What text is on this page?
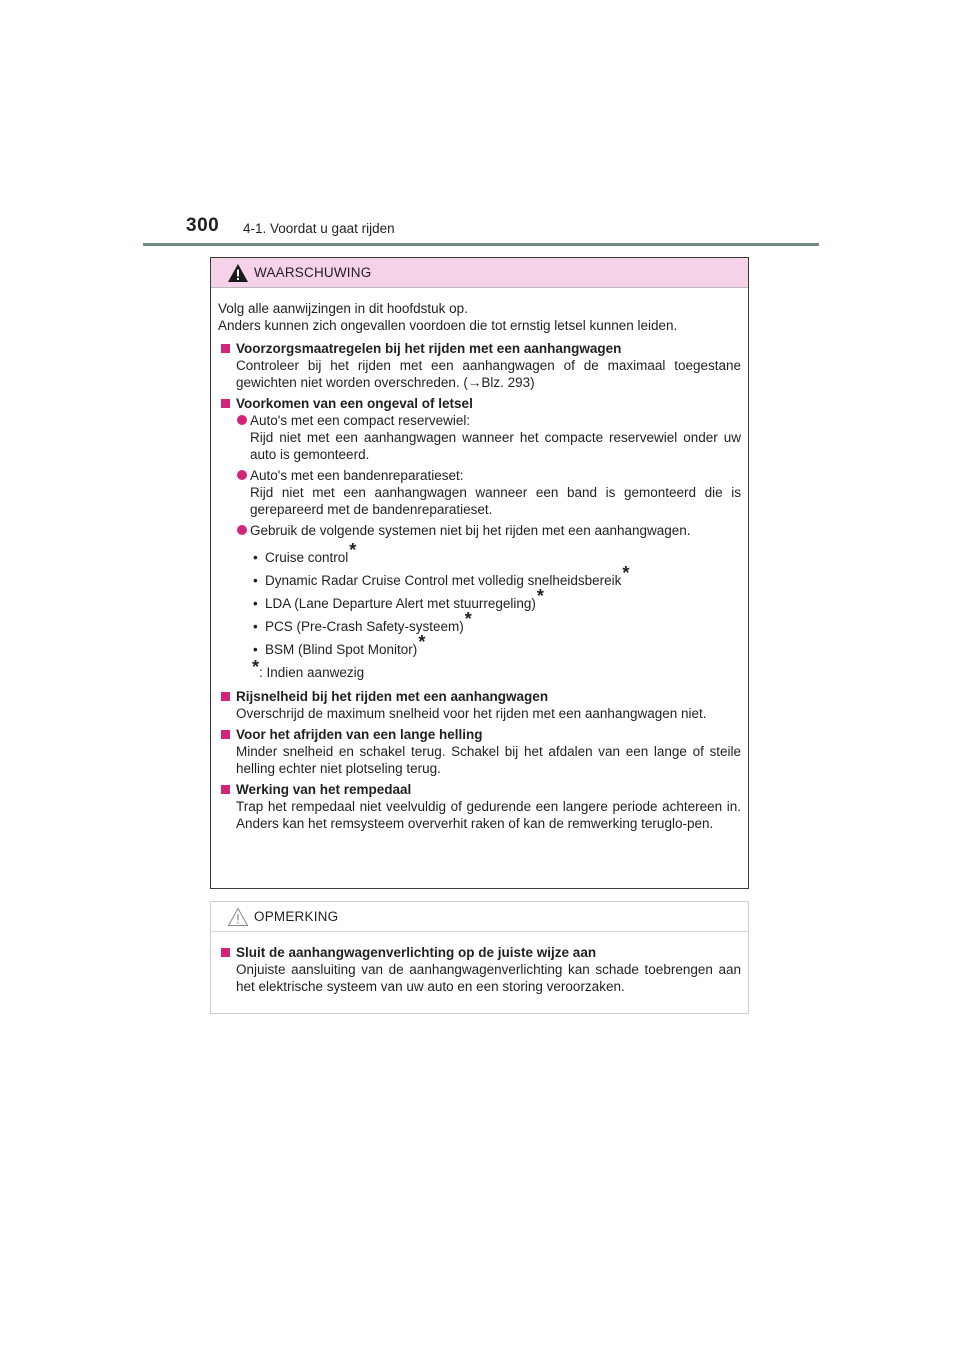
300 4-1. Voordat u gaat rijden
WAARSCHUWING

Volg alle aanwijzingen in dit hoofdstuk op.

Anders kunnen zich ongevallen voordoen die tot ernstig letsel kunnen leiden.

Voorzorgsmaatregelen bij het rijden met een aanhangwagen

Controleer bij het rijden met een aanhangwagen of de maximaal toegestane gewichten niet worden overschreden. (→Blz. 293)

Voorkomen van een ongeval of letsel

Auto's met een compact reservewiel:
Rijd niet met een aanhangwagen wanneer het compacte reservewiel onder uw auto is gemonteerd.
Auto's met een bandenreparatieset:
Rijd niet met een aanhangwagen wanneer een band is gemonteerd die is gerepareerd met de bandenreparatieset.
Gebruik de volgende systemen niet bij het rijden met een aanhangwagen.
• Cruise control*
• Dynamic Radar Cruise Control met volledig snelheidsbereik*
• LDA (Lane Departure Alert met stuurregeling)*
• PCS (Pre-Crash Safety-systeem)*
• BSM (Blind Spot Monitor)*

*: Indien aanwezig

Rijsnelheid bij het rijden met een aanhangwagen

Overschrijd de maximum snelheid voor het rijden met een aanhangwagen niet.

Voor het afrijden van een lange helling

Minder snelheid en schakel terug. Schakel bij het afdalen van een lange of steile helling echter niet plotseling terug.

Werking van het rempedaal

Trap het rempedaal niet veelvuldig of gedurende een langere periode achtereen in. Anders kan het remsysteem oververhit raken of kan de remwerking teruglo-pen.

OPMERKING

Sluit de aanhangwagenverlichting op de juiste wijze aan

Onjuiste aansluiting van de aanhangwagenverlichting kan schade toebrengen aan het elektrische systeem van uw auto en een storing veroorzaken.
